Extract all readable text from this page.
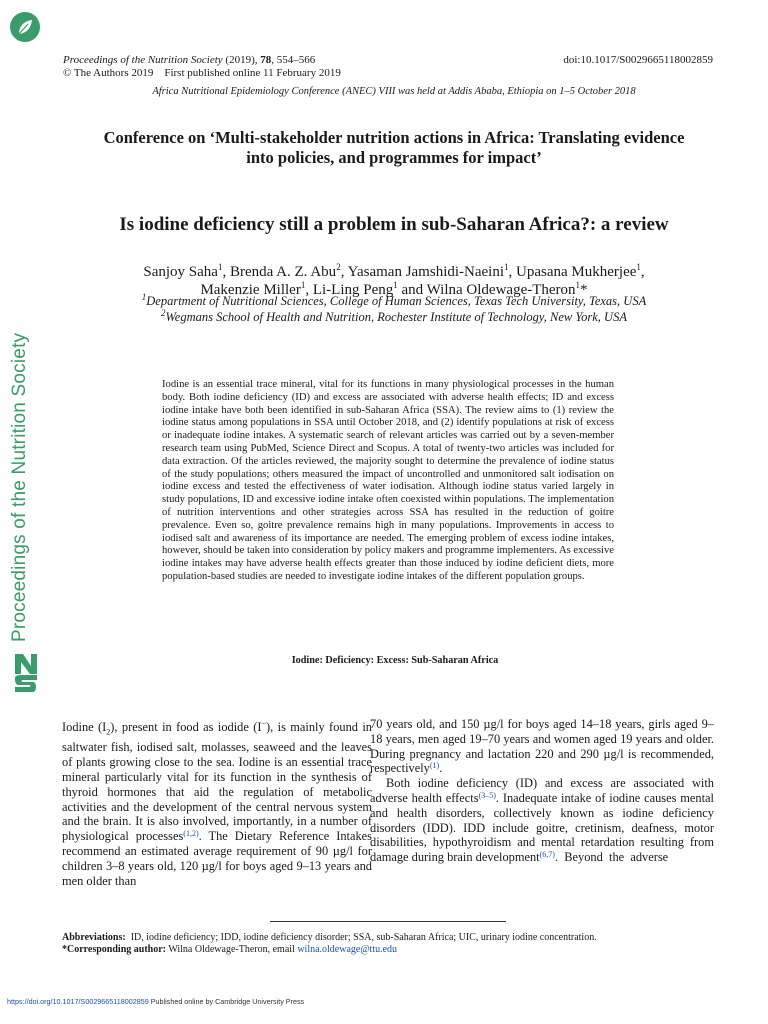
Proceedings of the Nutrition Society
Proceedings of the Nutrition Society (2019), 78, 554–566	doi:10.1017/S0029665118002859
© The Authors 2019    First published online 11 February 2019
Africa Nutritional Epidemiology Conference (ANEC) VIII was held at Addis Ababa, Ethiopia on 1–5 October 2018
Conference on ‘Multi-stakeholder nutrition actions in Africa: Translating evidence
into policies, and programmes for impact’
Is iodine deficiency still a problem in sub-Saharan Africa?: a review
Sanjoy Saha$^1$, Brenda A. Z. Abu$^2$, Yasaman Jamshidi-Naeini$^1$, Upasana Mukherjee$^1$,
Makenzie Miller$^1$, Li-Ling Peng$^1$ and Wilna Oldewage-Theron$^1$*
$^1$Department of Nutritional Sciences, College of Human Sciences, Texas Tech University, Texas, USA
$^2$Wegmans School of Health and Nutrition, Rochester Institute of Technology, New York, USA
Iodine is an essential trace mineral, vital for its functions in many physiological processes in the human body. Both iodine deficiency (ID) and excess are associated with adverse health effects; ID and excess iodine intake have both been identified in sub-Saharan Africa (SSA). The review aims to (1) review the iodine status among populations in SSA until October 2018, and (2) identify populations at risk of excess or inadequate iodine intakes. A systematic search of relevant articles was carried out by a seven-member research team using PubMed, Science Direct and Scopus. A total of twenty-two articles was included for data extraction. Of the articles reviewed, the majority sought to determine the prevalence of iodine status of the study populations; others measured the impact of uncontrolled and unmonitored salt iodisation on iodine excess and tested the effectiveness of water iodisation. Although iodine status varied largely in study populations, ID and excessive iodine intake often coexisted within populations. The implementation of nutrition interventions and other strategies across SSA has resulted in the reduction of goitre prevalence. Even so, goitre prevalence remains high in many populations. Improvements in access to iodised salt and awareness of its importance are needed. The emerging problem of excess iodine intakes, however, should be taken into consideration by policy makers and programme implementers. As excessive iodine intakes may have adverse health effects greater than those induced by iodine deficient diets, more population-based studies are needed to investigate iodine intakes of the different population groups.
Iodine: Deficiency: Excess: Sub-Saharan Africa

Iodine $(I_2)$, present in food as iodide (I−), is mainly found in saltwater fish, iodised salt, molasses, seaweed and the leaves of plants growing close to the sea. Iodine is an essential trace mineral particularly vital for its function in the synthesis of thyroid hormones that aid the regulation of metabolic activities and the development of the central nervous system and the brain. It is also involved, importantly, in a number of physiological processes$^{(1,2)}$. The Dietary Reference Intakes recommend an estimated average requirement of 90 µg/l for children 3–8 years old, 120 µg/l for boys aged 9–13 years and men older than

70 years old, and 150 µg/l for boys aged 14–18 years, girls aged 9–18 years, men aged 19–70 years and women aged 19 years and older. During pregnancy and lactation 220 and 290 µg/l is recommended, respectively$^{(1)}$.

Both iodine deficiency (ID) and excess are associated with adverse health effects$^{(3-5)}$. Inadequate intake of iodine causes mental and health disorders, collectively known as iodine deficiency disorders (IDD). IDD include goitre, cretinism, deafness, motor disabilities, hypothyroidism and mental retardation resulting from damage during brain development$^{(6,7)}$.  Beyond  the  adverse

Abbreviations:  ID, iodine deficiency; IDD, iodine deficiency disorder; SSA, sub-Saharan Africa; UIC, urinary iodine concentration.
*Corresponding author: Wilna Oldewage-Theron, email wilna.oldewage@ttu.edu
https://doi.org/10.1017/S0029665118002859 Published online by Cambridge University Press
